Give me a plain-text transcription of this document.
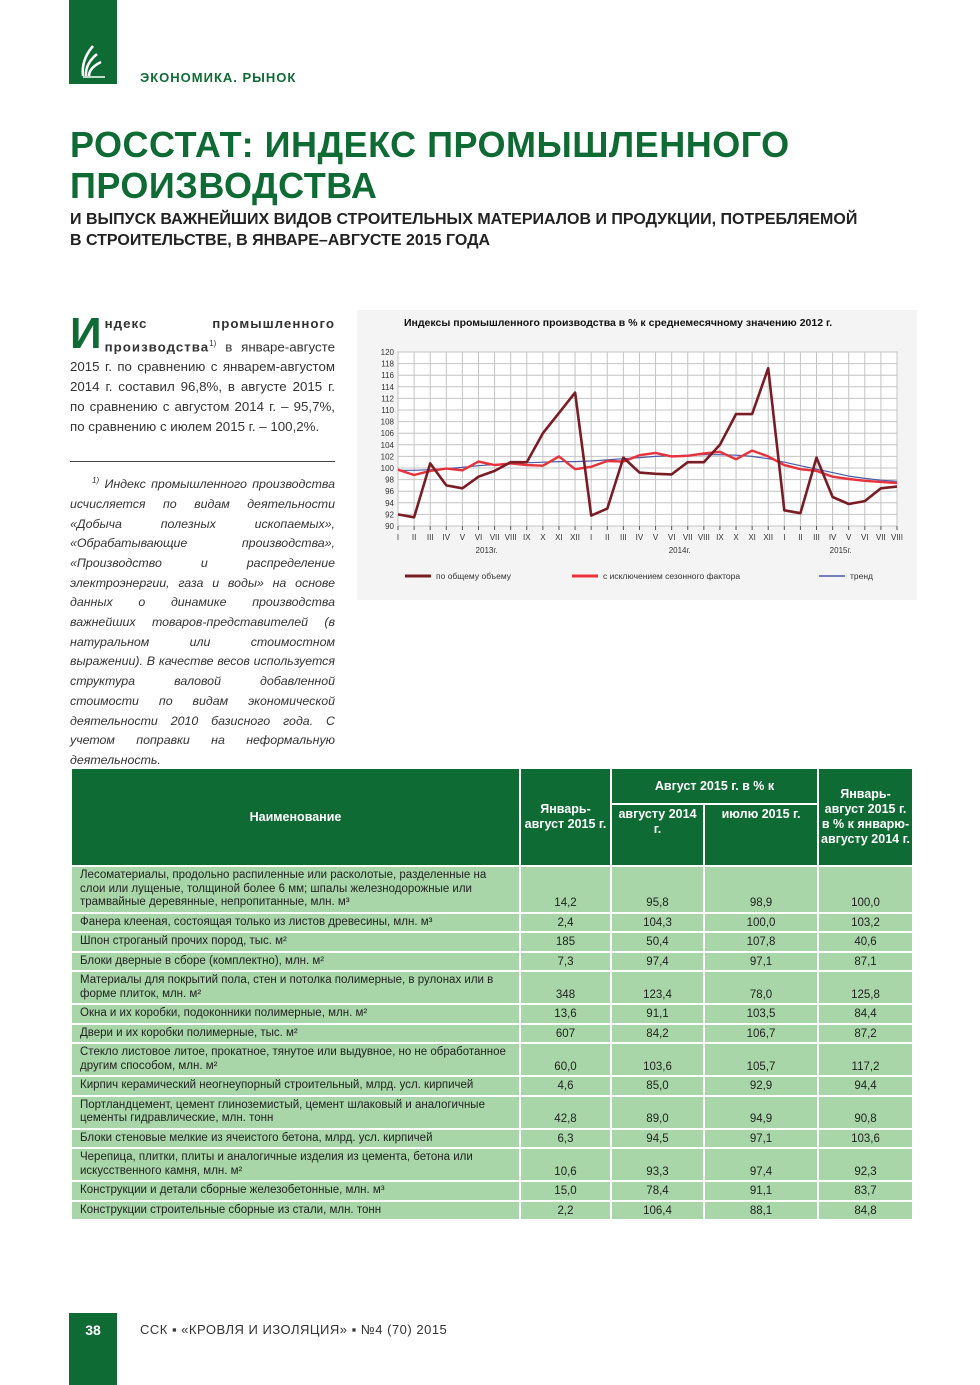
ЭКОНОМИКА. РЫНОК
РОССТАТ: ИНДЕКС ПРОМЫШЛЕННОГО ПРОИЗВОДСТВА
И ВЫПУСК ВАЖНЕЙШИХ ВИДОВ СТРОИТЕЛЬНЫХ МАТЕРИАЛОВ И ПРОДУКЦИИ, ПОТРЕБЛЯЕМОЙ В СТРОИТЕЛЬСТВЕ, В ЯНВАРЕ–АВГУСТЕ 2015 ГОДА
Индекс промышленного производства$^{1)}$ в январе-августе 2015 г. по сравнению с январем-августом 2014 г. составил 96,8%, в августе 2015 г. по сравнению с августом 2014 г. – 95,7%, по сравнению с июлем 2015 г. – 100,2%.
$^{1)}$ Индекс промышленного производства исчисляется по видам деятельности «Добыча полезных ископаемых», «Обрабатывающие производства», «Производство и распределение электроэнергии, газа и воды» на основе данных о динамике производства важнейших товаров-представителей (в натуральном или стоимостном выражении). В качестве весов используется структура валовой добавленной стоимости по видам экономической деятельности 2010 базисного года. С учетом поправки на неформальную деятельность.
Индексы промышленного производства в % к среднемесячному значению 2012 г.
90
92
94
96
98
100
102
104
106
108
110
112
114
116
118
120
I II III IV V VI VII VIII IX X XI XII I II III IV V VI VII VIII IX X XI XII I II III IV V VI VII VIII
2013г.	2014г.	2015г.
по общему объему	с исключением сезонного фактора	тренд
Наименование	Январь-август 2015 г.	Август 2015 г. в % к		Январь-август 2015 г. в % к январю-августу 2014 г.
		августу 2014 г.	июлю 2015 г.	
Лесоматериалы, продольно распиленные или расколотые, разделенные на слои или лущеные, толщиной более 6 мм; шпалы железнодорожные или трамвайные деревянные, непропитанные, млн. м³	14,2	95,8	98,9	100,0
Фанера клееная, состоящая только из листов древесины, млн. м³	2,4	104,3	100,0	103,2
Шпон строганый прочих пород, тыс. м²	185	50,4	107,8	40,6
Блоки дверные в сборе (комплектно), млн. м²	7,3	97,4	97,1	87,1
Материалы для покрытий пола, стен и потолка полимерные, в рулонах или в форме плиток, млн. м²	348	123,4	78,0	125,8
Окна и их коробки, подоконники полимерные, млн. м²	13,6	91,1	103,5	84,4
Двери и их коробки полимерные, тыс. м²	607	84,2	106,7	87,2
Стекло листовое литое, прокатное, тянутое или выдувное, но не обработанное другим способом, млн. м²	60,0	103,6	105,7	117,2
Кирпич керамический неогнеупорный строительный, млрд. усл. кирпичей	4,6	85,0	92,9	94,4
Портландцемент, цемент глиноземистый, цемент шлаковый и аналогичные цементы гидравлические, млн. тонн	42,8	89,0	94,9	90,8
Блоки стеновые мелкие из ячеистого бетона, млрд. усл. кирпичей	6,3	94,5	97,1	103,6
Черепица, плитки, плиты и аналогичные изделия из цемента, бетона или искусственного камня, млн. м²	10,6	93,3	97,4	92,3
Конструкции и детали сборные железобетонные, млн. м³	15,0	78,4	91,1	83,7
Конструкции строительные сборные из стали, млн. тонн	2,2	106,4	88,1	84,8
38	ССК ▪ «КРОВЛЯ И ИЗОЛЯЦИЯ» ▪ №4 (70) 2015
